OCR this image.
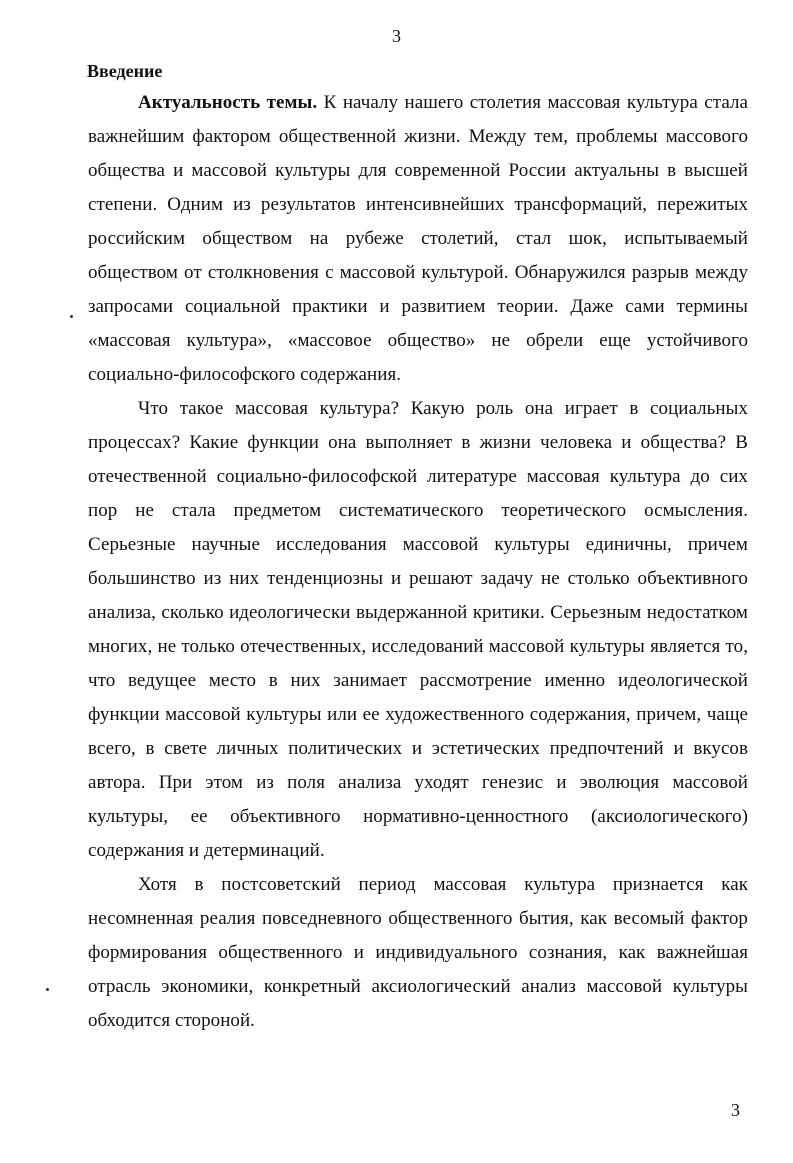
3
Введение

Актуальность темы. К началу нашего столетия массовая культура стала важнейшим фактором общественной жизни. Между тем, проблемы массового общества и массовой культуры для современной России актуальны в высшей степени. Одним из результатов интенсивнейших трансформаций, пережитых российским обществом на рубеже столетий, стал шок, испытываемый обществом от столкновения с массовой культурой. Обнаружился разрыв между запросами социальной практики и развитием теории. Даже сами термины «массовая культура», «массовое общество» не обрели еще устойчивого социально-философского содержания.

Что такое массовая культура? Какую роль она играет в социальных процессах? Какие функции она выполняет в жизни человека и общества? В отечественной социально-философской литературе массовая культура до сих пор не стала предметом систематического теоретического осмысления. Серьезные научные исследования массовой культуры единичны, причем большинство из них тенденциозны и решают задачу не столько объективного анализа, сколько идеологически выдержанной критики. Серьезным недостатком многих, не только отечественных, исследований массовой культуры является то, что ведущее место в них занимает рассмотрение именно идеологической функции массовой культуры или ее художественного содержания, причем, чаще всего, в свете личных политических и эстетических предпочтений и вкусов автора. При этом из поля анализа уходят генезис и эволюция массовой культуры, ее объективного нормативно-ценностного (аксиологического) содержания и детерминаций.

Хотя в постсоветский период массовая культура признается как несомненная реалия повседневного общественного бытия, как весомый фактор формирования общественного и индивидуального сознания, как важнейшая отрасль экономики, конкретный аксиологический анализ массовой культуры обходится стороной.

3
